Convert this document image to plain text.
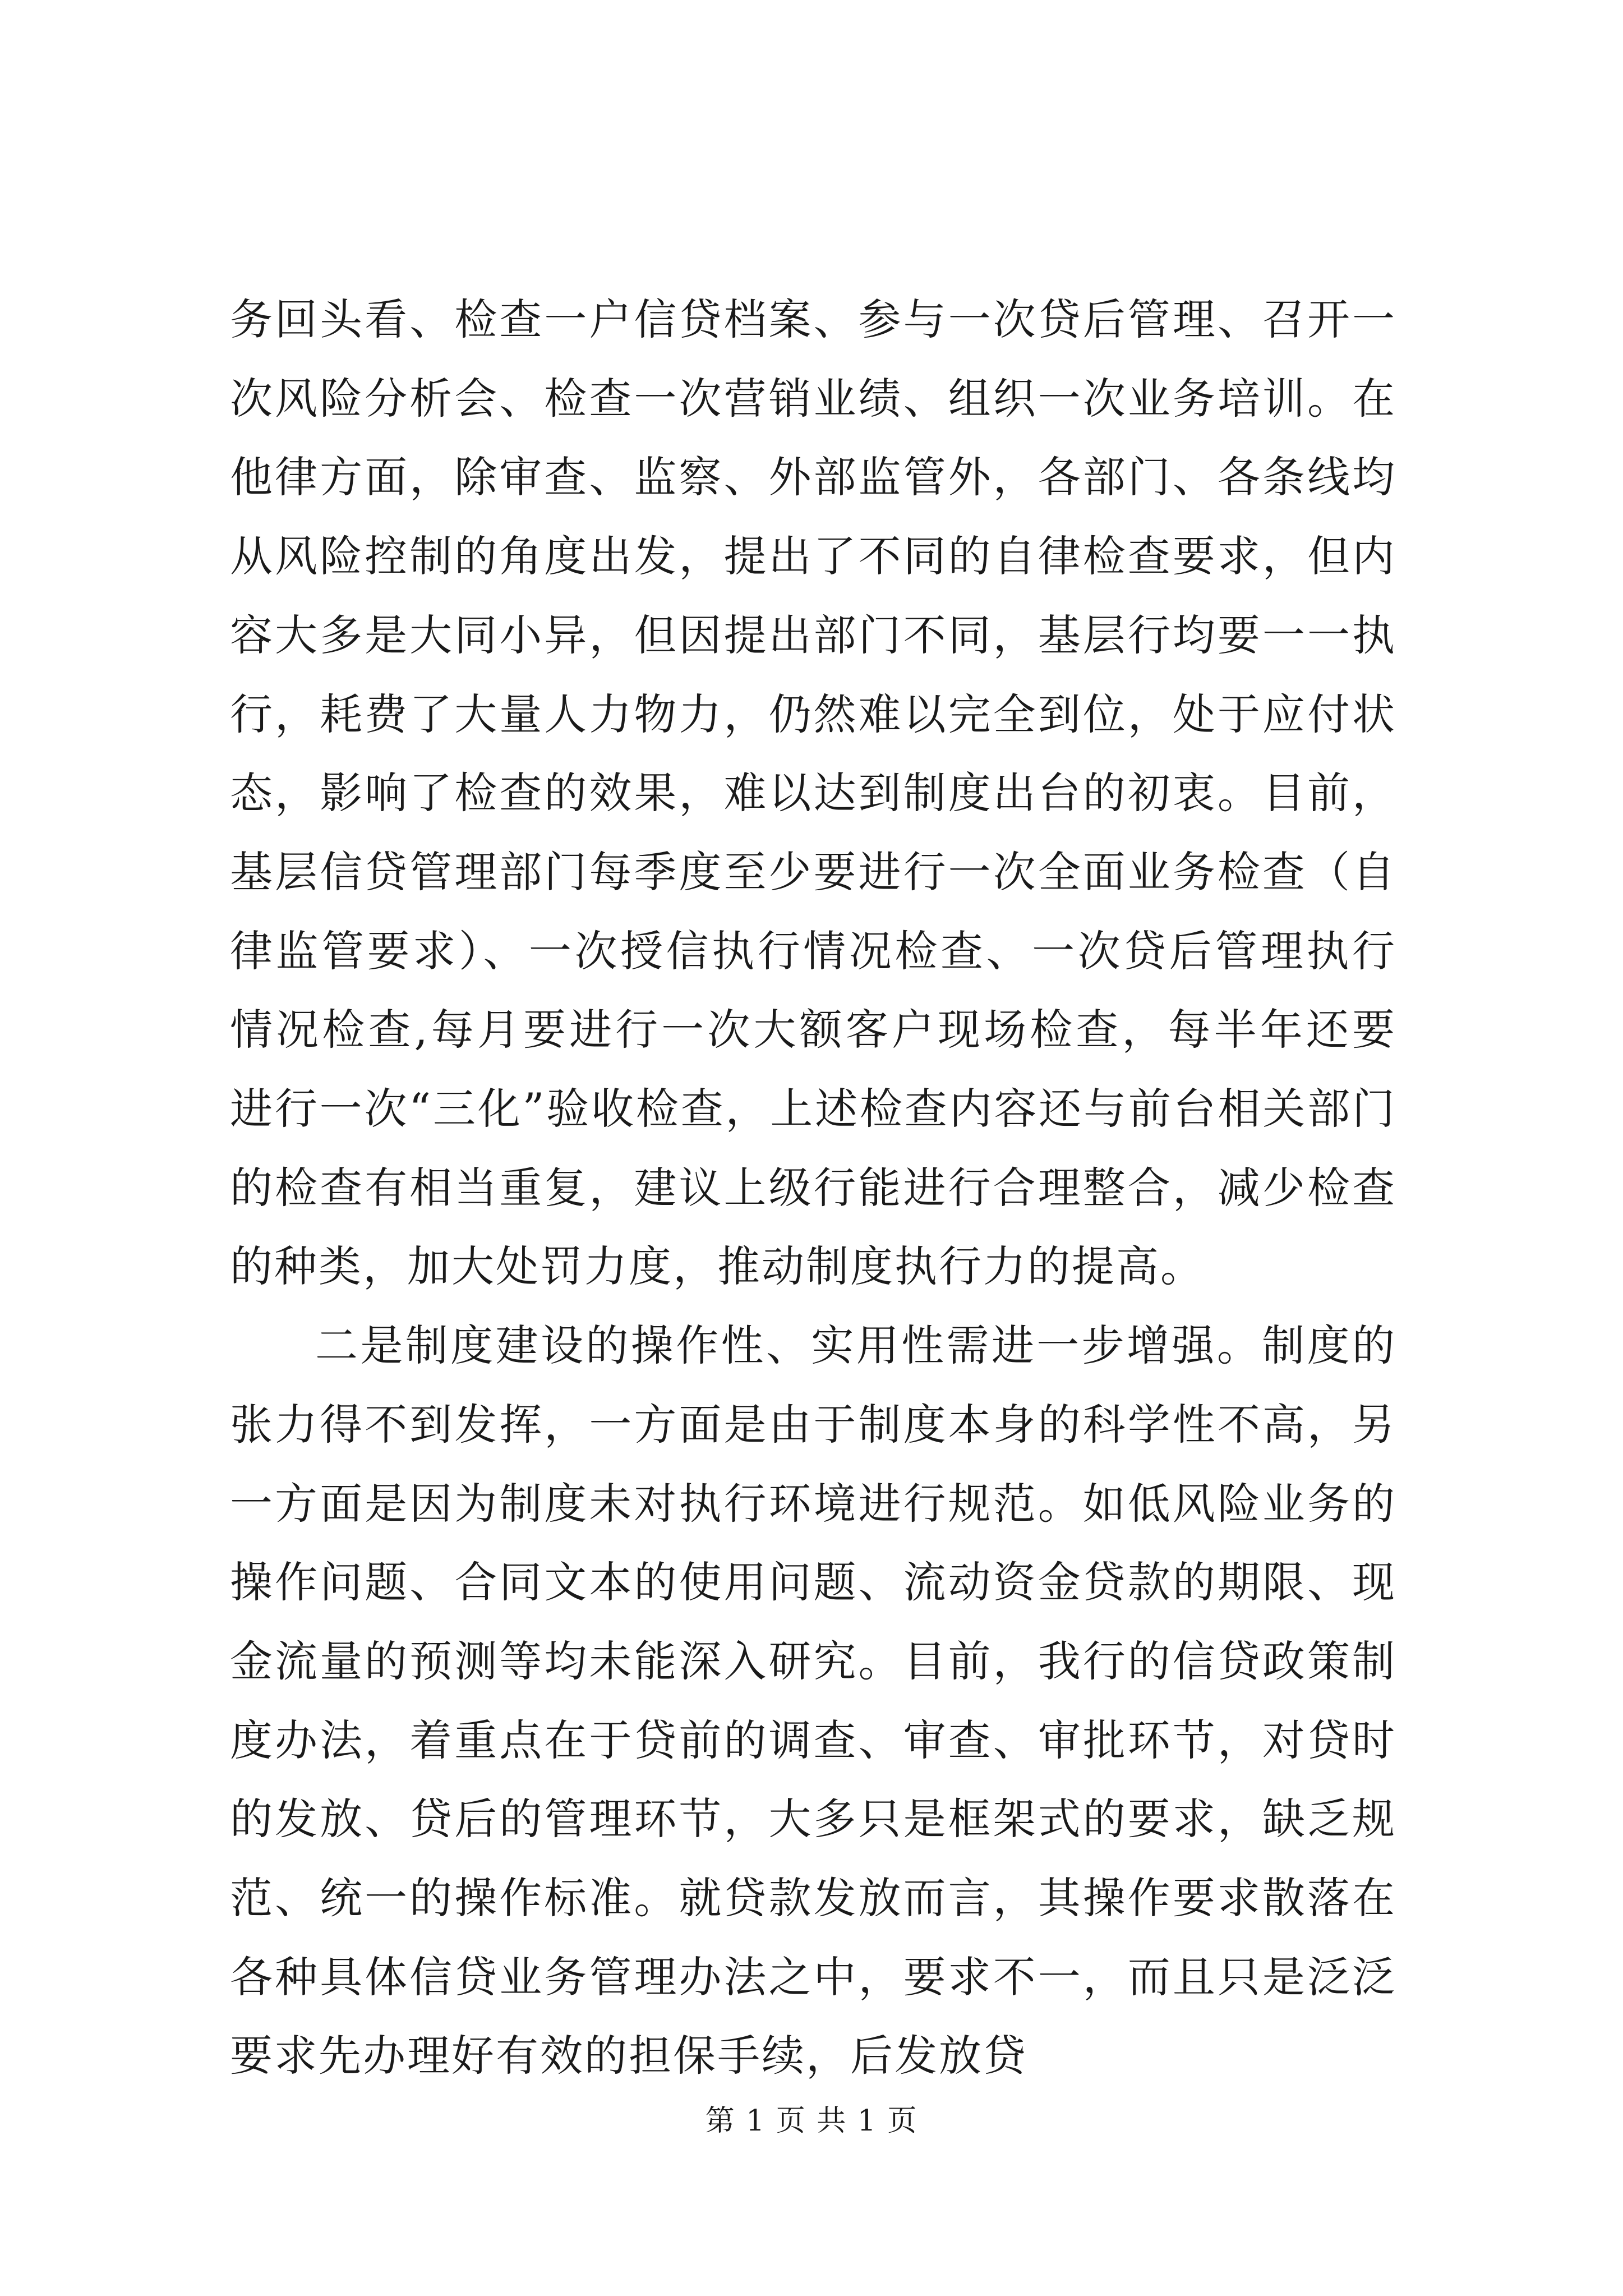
务回头看、检查一户信贷档案、参与一次贷后管理、召开一次风险分析会、检查一次营销业绩、组织一次业务培训。在他律方面，除审查、监察、外部监管外，各部门、各条线均从风险控制的角度出发，提出了不同的自律检查要求，但内容大多是大同小异，但因提出部门不同，基层行均要一一执行，耗费了大量人力物力，仍然难以完全到位，处于应付状态，影响了检查的效果，难以达到制度出台的初衷。目前，基层信贷管理部门每季度至少要进行一次全面业务检查（自律监管要求）、一次授信执行情况检查、一次贷后管理执行情况检查,每月要进行一次大额客户现场检查，每半年还要进行一次“三化”验收检查，上述检查内容还与前台相关部门的检查有相当重复，建议上级行能进行合理整合，减少检查的种类，加大处罚力度，推动制度执行力的提高。

二是制度建设的操作性、实用性需进一步增强。制度的张力得不到发挥，一方面是由于制度本身的科学性不高，另一方面是因为制度未对执行环境进行规范。如低风险业务的操作问题、合同文本的使用问题、流动资金贷款的期限、现金流量的预测等均未能深入研究。目前，我行的信贷政策制度办法，着重点在于贷前的调查、审查、审批环节，对贷时的发放、贷后的管理环节，大多只是框架式的要求，缺乏规范、统一的操作标准。就贷款发放而言，其操作要求散落在各种具体信贷业务管理办法之中，要求不一，而且只是泛泛要求先办理好有效的担保手续，后发放贷

第 1 页 共 1 页
